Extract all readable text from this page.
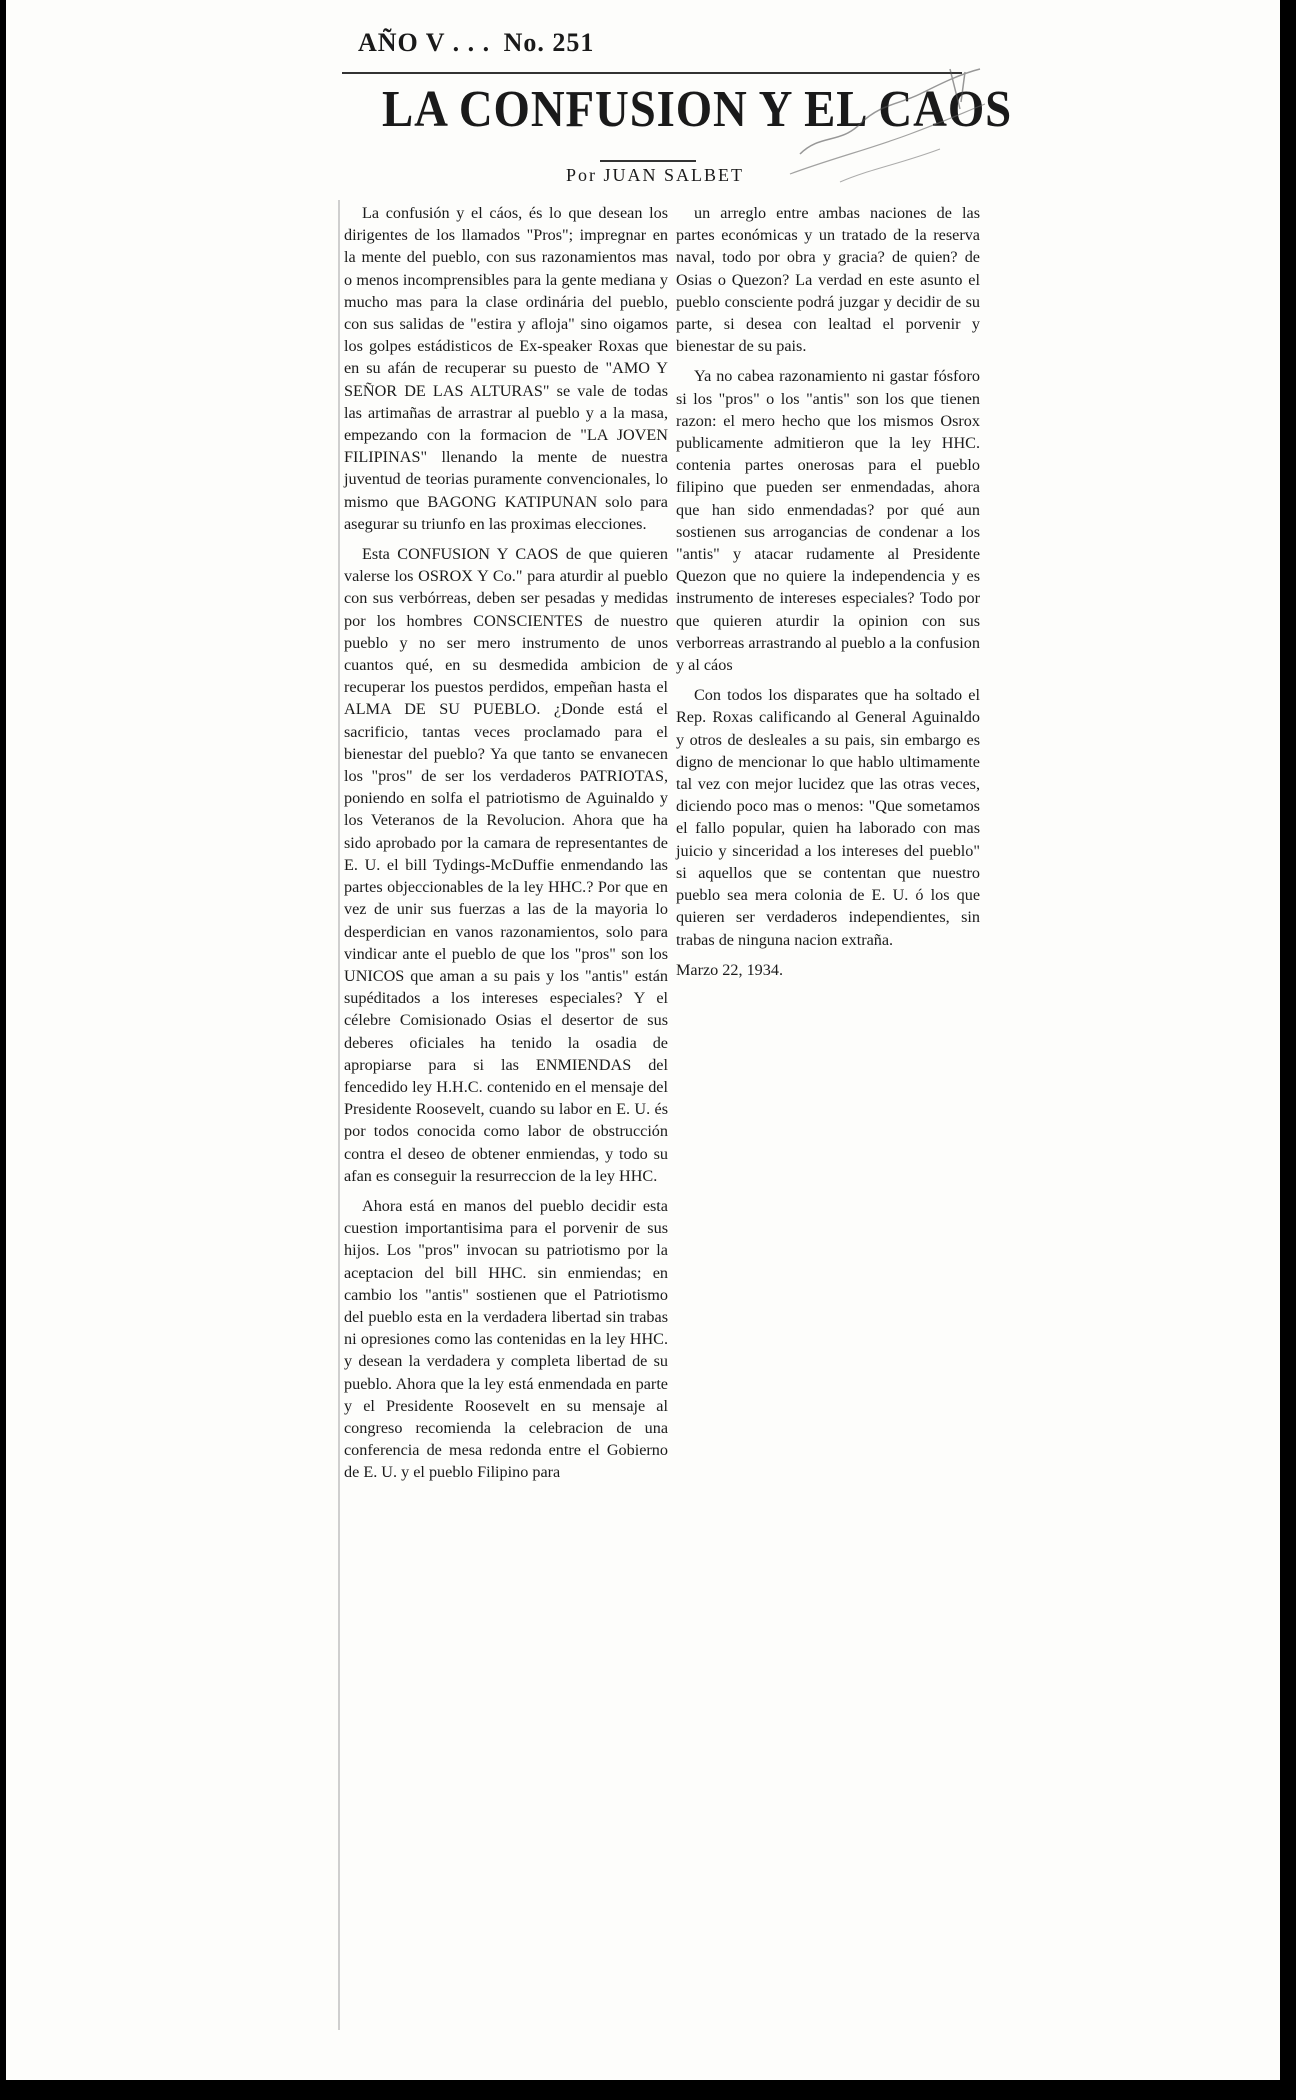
AÑO V . . . No. 251
LA CONFUSION Y EL CAOS
Por JUAN SALBET

La confusión y el cáos, és lo que desean los dirigentes de los llamados "Pros"; impregnar en la mente del pueblo, con sus razonamientos mas o menos incomprensibles para la gente mediana y mucho mas para la clase ordinária del pueblo, con sus salidas de "estira y afloja" sino oigamos los golpes estádisticos de Ex-speaker Roxas que en su afán de recuperar su puesto de "AMO Y SEÑOR DE LAS ALTURAS" se vale de todas las artimañas de arrastrar al pueblo y a la masa, empezando con la formacion de "LA JOVEN FILIPINAS" llenando la mente de nuestra juventud de teorias puramente convencionales, lo mismo que BAGONG KATIPUNAN solo para asegurar su triunfo en las proximas elecciones.

Esta CONFUSION Y CAOS de que quieren valerse los OSROX Y Co." para aturdir al pueblo con sus verbórreas, deben ser pesadas y medidas por los hombres CONSCIENTES de nuestro pueblo y no ser mero instrumento de unos cuantos qué, en su desmedida ambicion de recuperar los puestos perdidos, empeñan hasta el ALMA DE SU PUEBLO. ¿Donde está el sacrificio, tantas veces proclamado para el bienestar del pueblo? Ya que tanto se envanecen los "pros" de ser los verdaderos PATRIOTAS, poniendo en solfa el patriotismo de Aguinaldo y los Veteranos de la Revolucion. Ahora que ha sido aprobado por la camara de representantes de E. U. el bill Tydings-McDuffie enmendando las partes objeccionables de la ley HHC.? Por que en vez de unir sus fuerzas a las de la mayoria lo desperdician en vanos razonamientos, solo para vindicar ante el pueblo de que los "pros" son los UNICOS que aman a su pais y los "antis" están supéditados a los intereses especiales? Y el célebre Comisionado Osias el desertor de sus deberes oficiales ha tenido la osadia de apropiarse para si las ENMIENDAS del fencedido ley H.H.C. contenido en el mensaje del Presidente Roosevelt, cuando su labor en E. U. és por todos conocida como labor de obstrucción contra el deseo de obtener enmiendas, y todo su afan es conseguir la resurreccion de la ley HHC.

Ahora está en manos del pueblo decidir esta cuestion importantisima para el porvenir de sus hijos. Los "pros" invocan su patriotismo por la aceptacion del bill HHC. sin enmiendas; en cambio los "antis" sostienen que el Patriotismo del pueblo esta en la verdadera libertad sin trabas ni opresiones como las contenidas en la ley HHC. y desean la verdadera y completa libertad de su pueblo. Ahora que la ley está enmendada en parte y el Presidente Roosevelt en su mensaje al congreso recomienda la celebracion de una conferencia de mesa redonda entre el Gobierno de E. U. y el pueblo Filipino para

un arreglo entre ambas naciones de las partes económicas y un tratado de la reserva naval, todo por obra y gracia? de quien? de Osias o Quezon? La verdad en este asunto el pueblo consciente podrá juzgar y decidir de su parte, si desea con lealtad el porvenir y bienestar de su pais.

Ya no cabea razonamiento ni gastar fósforo si los "pros" o los "antis" son los que tienen razon: el mero hecho que los mismos Osrox publicamente admitieron que la ley HHC. contenia partes onerosas para el pueblo filipino que pueden ser enmendadas, ahora que han sido enmendadas? por qué aun sostienen sus arrogancias de condenar a los "antis" y atacar rudamente al Presidente Quezon que no quiere la independencia y es instrumento de intereses especiales? Todo por que quieren aturdir la opinion con sus verborreas arrastrando al pueblo a la confusion y al cáos

Con todos los disparates que ha soltado el Rep. Roxas calificando al General Aguinaldo y otros de desleales a su pais, sin embargo es digno de mencionar lo que hablo ultimamente tal vez con mejor lucidez que las otras veces, diciendo poco mas o menos: "Que sometamos el fallo popular, quien ha laborado con mas juicio y sinceridad a los intereses del pueblo" si aquellos que se contentan que nuestro pueblo sea mera colonia de E. U. ó los que quieren ser verdaderos independientes, sin trabas de ninguna nacion extraña.

Marzo 22, 1934.
